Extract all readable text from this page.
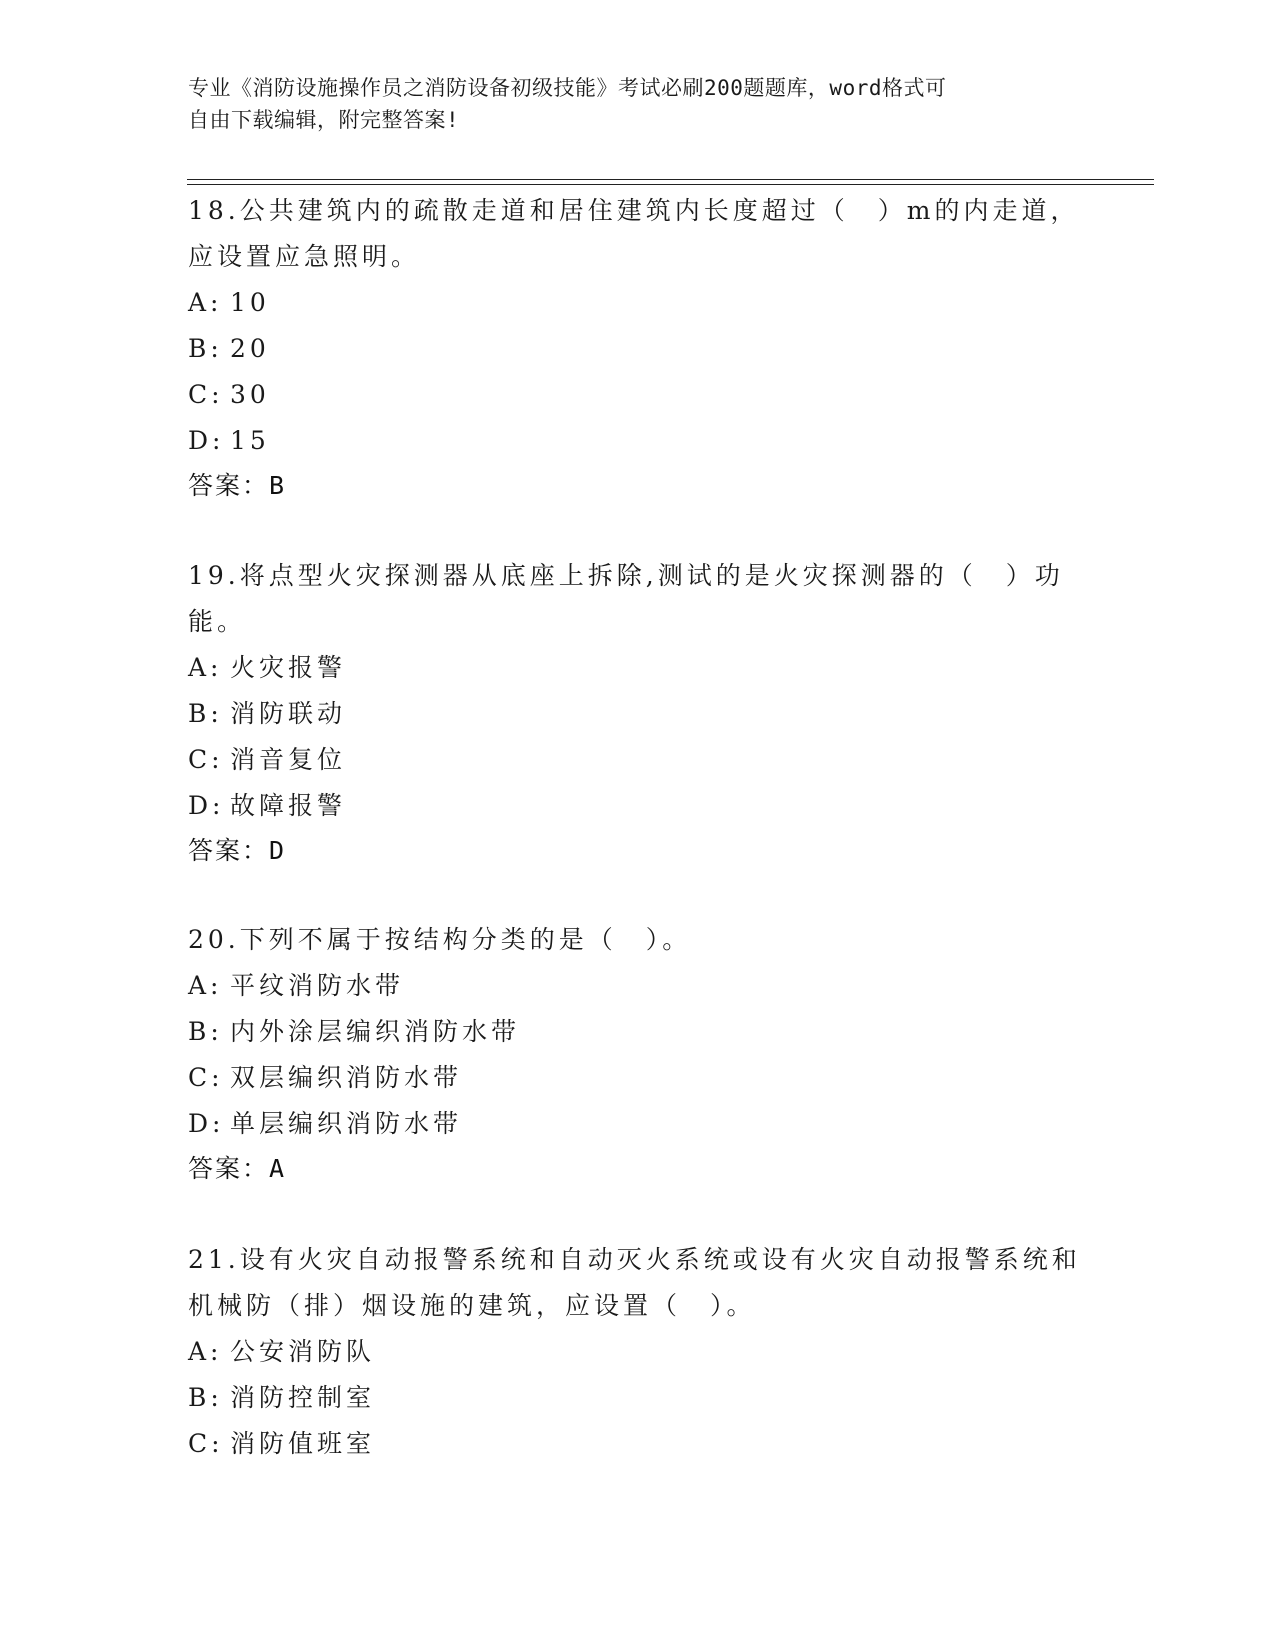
专业《消防设施操作员之消防设备初级技能》考试必刷200题题库，word格式可
自由下载编辑，附完整答案!
18.公共建筑内的疏散走道和居住建筑内长度超过（　）m的内走道，
应设置应急照明。
A: 10
B: 20
C: 30
D: 15
答案：B
19.将点型火灾探测器从底座上拆除,测试的是火灾探测器的（　）功
能。
A: 火灾报警
B: 消防联动
C: 消音复位
D: 故障报警
答案：D
20.下列不属于按结构分类的是（　）。
A: 平纹消防水带
B: 内外涂层编织消防水带
C: 双层编织消防水带
D: 单层编织消防水带
答案：A
21.设有火灾自动报警系统和自动灭火系统或设有火灾自动报警系统和
机械防（排）烟设施的建筑，应设置（　）。
A: 公安消防队
B: 消防控制室
C: 消防值班室
